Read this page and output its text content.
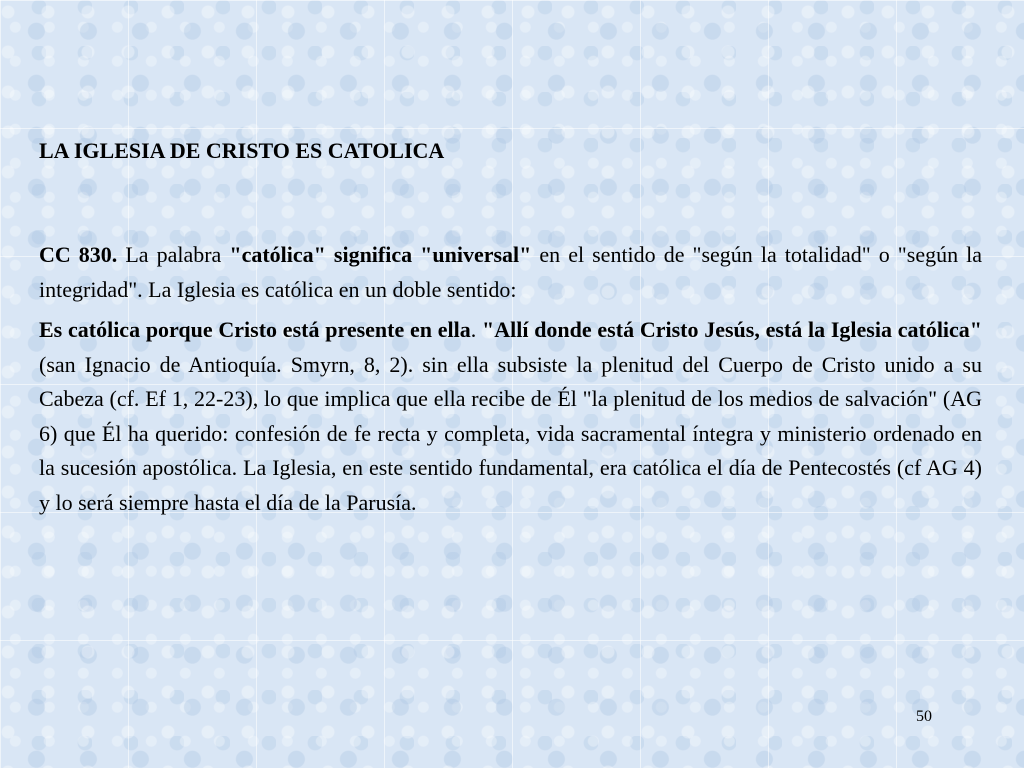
LA IGLESIA DE CRISTO ES CATOLICA

CC 830. La palabra "católica" significa "universal" en el sentido de "según la totalidad" o "según la integridad". La Iglesia es católica en un doble sentido:

Es católica porque Cristo está presente en ella. "Allí donde está Cristo Jesús, está la Iglesia católica" (san Ignacio de Antioquía. Smyrn, 8, 2). sin ella subsiste la plenitud del Cuerpo de Cristo unido a su Cabeza (cf. Ef 1, 22-23), lo que implica que ella recibe de Él "la plenitud de los medios de salvación" (AG 6) que Él ha querido: confesión de fe recta y completa, vida sacramental íntegra y ministerio ordenado en la sucesión apostólica. La Iglesia, en este sentido fundamental, era católica el día de Pentecostés (cf AG 4) y lo será siempre hasta el día de la Parusía.

50
